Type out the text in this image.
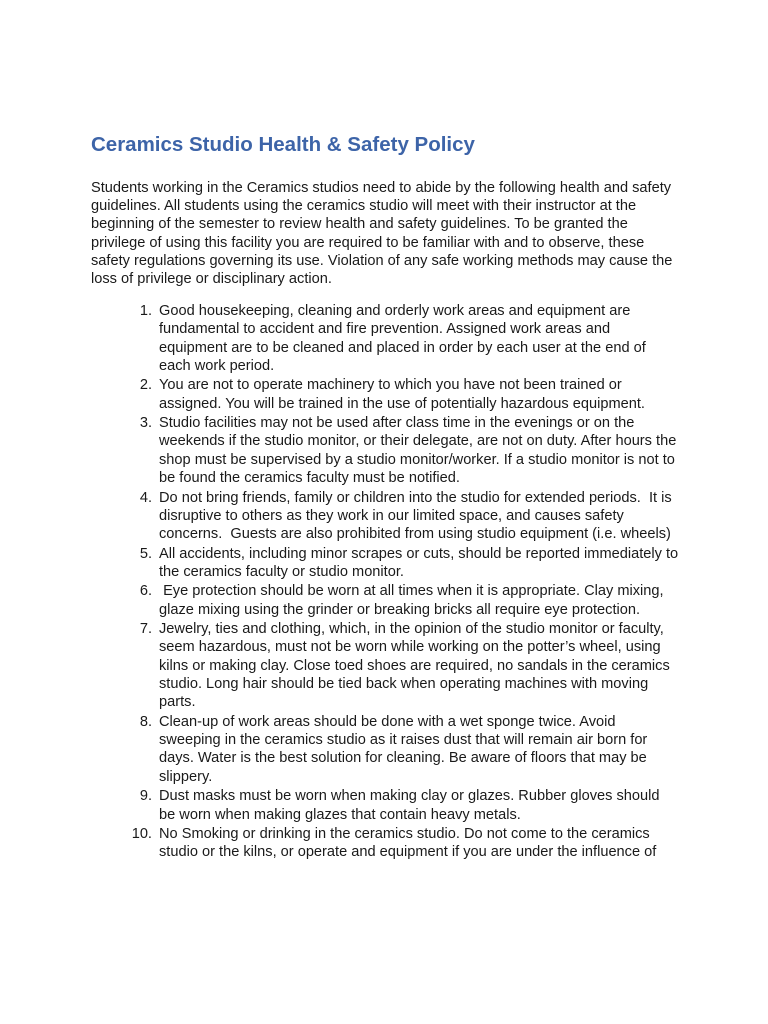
Ceramics Studio Health & Safety Policy

Students working in the Ceramics studios need to abide by the following health and safety guidelines. All students using the ceramics studio will meet with their instructor at the beginning of the semester to review health and safety guidelines. To be granted the privilege of using this facility you are required to be familiar with and to observe, these safety regulations governing its use. Violation of any safe working methods may cause the loss of privilege or disciplinary action.

1. Good housekeeping, cleaning and orderly work areas and equipment are fundamental to accident and fire prevention. Assigned work areas and equipment are to be cleaned and placed in order by each user at the end of each work period.
2. You are not to operate machinery to which you have not been trained or assigned. You will be trained in the use of potentially hazardous equipment.
3. Studio facilities may not be used after class time in the evenings or on the weekends if the studio monitor, or their delegate, are not on duty. After hours the shop must be supervised by a studio monitor/worker. If a studio monitor is not to be found the ceramics faculty must be notified.
4. Do not bring friends, family or children into the studio for extended periods.  It is disruptive to others as they work in our limited space, and causes safety concerns.  Guests are also prohibited from using studio equipment (i.e. wheels)
5. All accidents, including minor scrapes or cuts, should be reported immediately to the ceramics faculty or studio monitor.
6. Eye protection should be worn at all times when it is appropriate. Clay mixing, glaze mixing using the grinder or breaking bricks all require eye protection.
7. Jewelry, ties and clothing, which, in the opinion of the studio monitor or faculty, seem hazardous, must not be worn while working on the potter’s wheel, using kilns or making clay. Close toed shoes are required, no sandals in the ceramics studio. Long hair should be tied back when operating machines with moving parts.
8. Clean-up of work areas should be done with a wet sponge twice. Avoid sweeping in the ceramics studio as it raises dust that will remain air born for days. Water is the best solution for cleaning. Be aware of floors that may be slippery.
9. Dust masks must be worn when making clay or glazes. Rubber gloves should be worn when making glazes that contain heavy metals.
10. No Smoking or drinking in the ceramics studio. Do not come to the ceramics studio or the kilns, or operate and equipment if you are under the influence of
